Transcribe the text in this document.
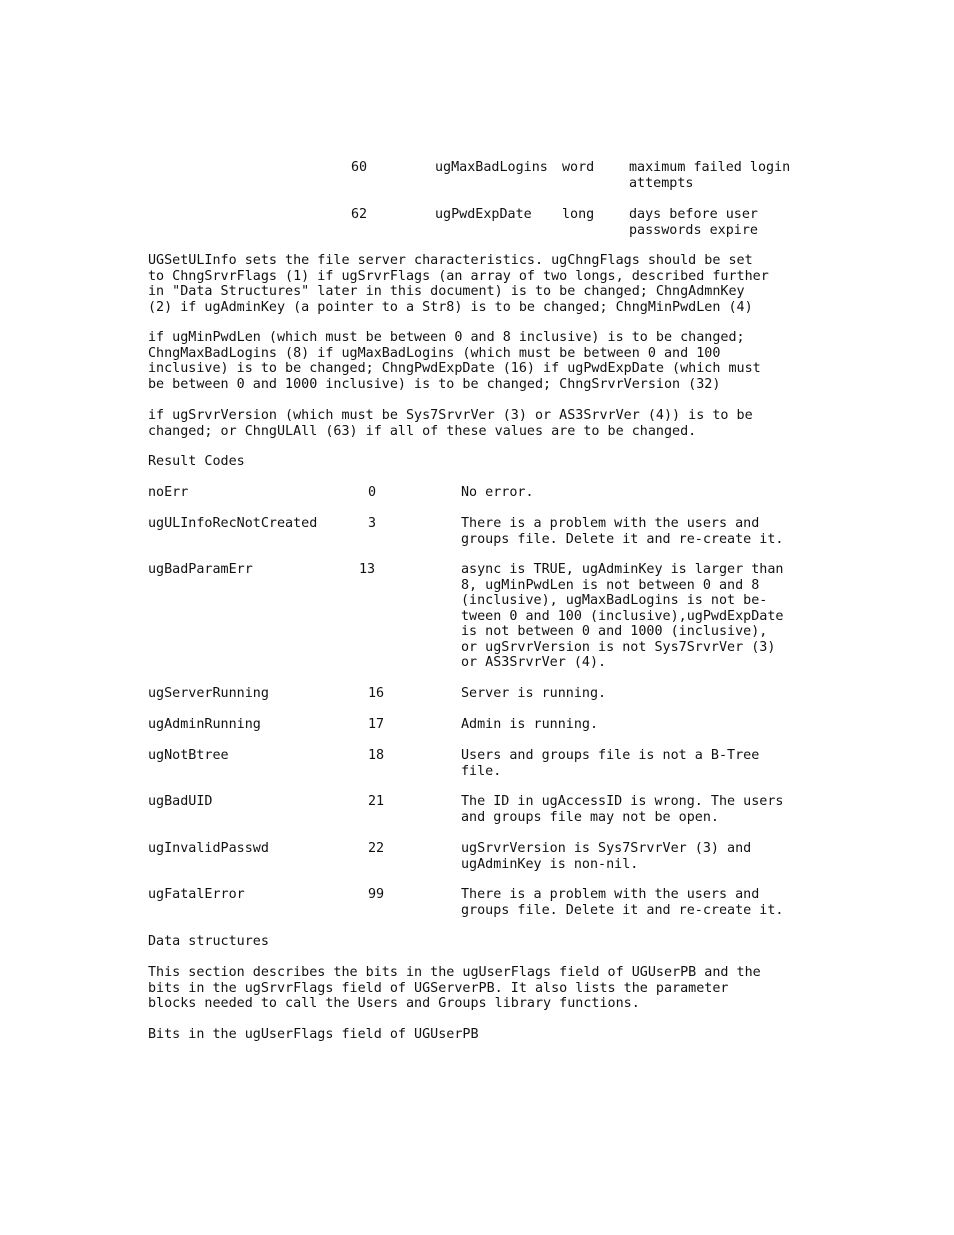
60	ugMaxBadLogins word	maximum failed login
attempts
62	ugPwdExpDate long	days before user
passwords expire
UGSetULInfo sets the file server characteristics. ugChngFlags should be set
to ChngSrvrFlags (1) if ugSrvrFlags (an array of two longs, described further
in "Data Structures" later in this document) is to be changed; ChngAdmnKey
(2) if ugAdminKey (a pointer to a Str8) is to be changed; ChngMinPwdLen (4)
if ugMinPwdLen (which must be between 0 and 8 inclusive) is to be changed;
ChngMaxBadLogins (8) if ugMaxBadLogins (which must be between 0 and 100
inclusive) is to be changed; ChngPwdExpDate (16) if ugPwdExpDate (which must
be between 0 and 1000 inclusive) is to be changed; ChngSrvrVersion (32)
if ugSrvrVersion (which must be Sys7SrvrVer (3) or AS3SrvrVer (4)) is to be
changed; or ChngULAll (63) if all of these values are to be changed.
Result Codes
noErr	0	No error.
ugULInfoRecNotCreated	3	There is a problem with the users and
groups file. Delete it and re-create it.
ugBadParamErr	13	async is TRUE, ugAdminKey is larger than
8, ugMinPwdLen is not between 0 and 8
(inclusive), ugMaxBadLogins is not be-
tween 0 and 100 (inclusive),ugPwdExpDate
is not between 0 and 1000 (inclusive),
or ugSrvrVersion is not Sys7SrvrVer (3)
or AS3SrvrVer (4).
ugServerRunning	16	Server is running.
ugAdminRunning	17	Admin is running.
ugNotBtree	18	Users and groups file is not a B-Tree
file.
ugBadUID	21	The ID in ugAccessID is wrong. The users
and groups file may not be open.
ugInvalidPasswd	22	ugSrvrVersion is Sys7SrvrVer (3) and
ugAdminKey is non-nil.
ugFatalError	99	There is a problem with the users and
groups file. Delete it and re-create it.
Data structures
This section describes the bits in the ugUserFlags field of UGUserPB and the
bits in the ugSrvrFlags field of UGServerPB. It also lists the parameter
blocks needed to call the Users and Groups library functions.
Bits in the ugUserFlags field of UGUserPB
